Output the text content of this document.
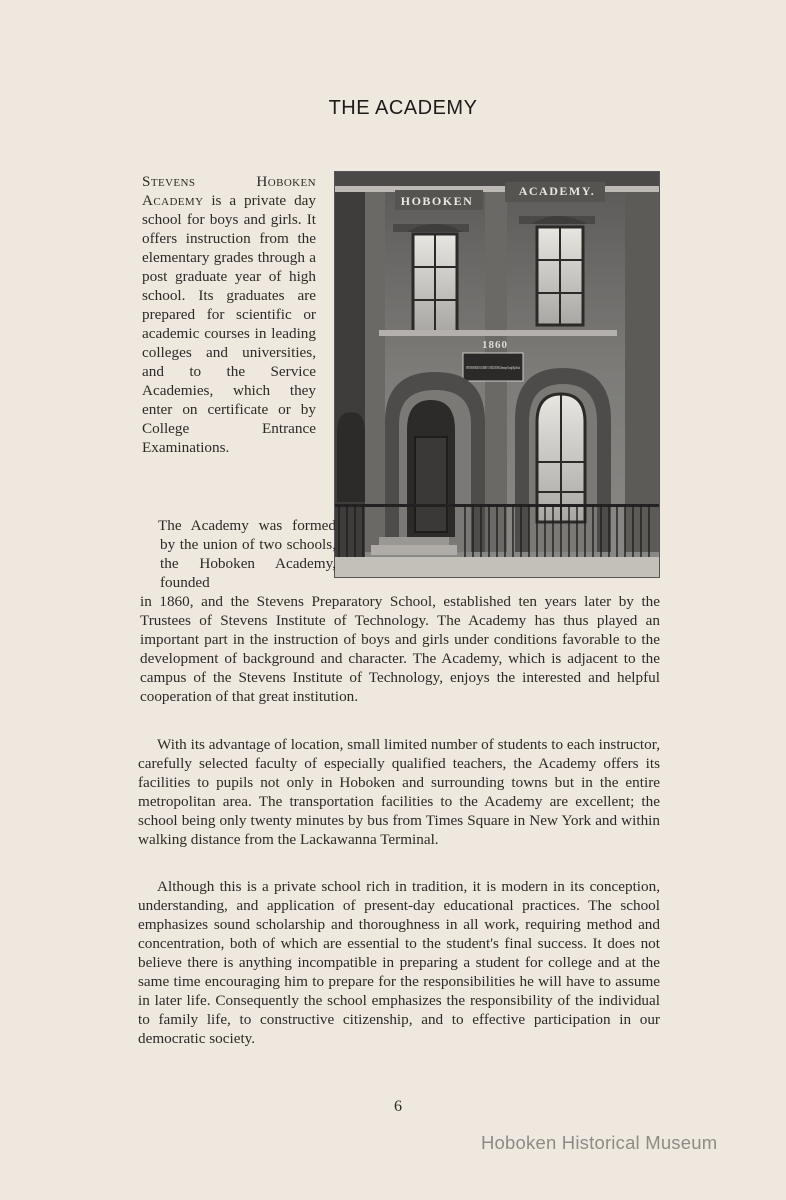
THE ACADEMY
HOBOKEN
ACADEMY.
1860
STEVENS HOBOKEN ACADEMY CO-EDUCATIONAL Elementary Through High School

Stevens Hoboken Academy is a private day school for boys and girls. It offers instruction from the elementary grades through a post graduate year of high school. Its graduates are prepared for scientific or academic courses in leading colleges and universities, and to the Service Academies, which they enter on certificate or by College Entrance Examinations.

The Academy was formed by the union of two schools, the Hoboken Academy, founded
in 1860, and the Stevens Preparatory School, established ten years later by the Trustees of Stevens Institute of Technology. The Academy has thus played an important part in the instruction of boys and girls under conditions favorable to the development of background and character. The Academy, which is adjacent to the campus of the Stevens Institute of Technology, enjoys the interested and helpful cooperation of that great institution.

With its advantage of location, small limited number of students to each instructor, carefully selected faculty of especially qualified teachers, the Academy offers its facilities to pupils not only in Hoboken and surrounding towns but in the entire metropolitan area. The transportation facilities to the Academy are excellent; the school being only twenty minutes by bus from Times Square in New York and within walking distance from the Lackawanna Terminal.

Although this is a private school rich in tradition, it is modern in its conception, understanding, and application of present-day educational practices. The school emphasizes sound scholarship and thoroughness in all work, requiring method and concentration, both of which are essential to the student's final success. It does not believe there is anything incompatible in preparing a student for college and at the same time encouraging him to prepare for the responsibilities he will have to assume in later life. Consequently the school emphasizes the responsibility of the individual to family life, to constructive citizenship, and to effective participation in our democratic society.

6
Hoboken Historical Museum
